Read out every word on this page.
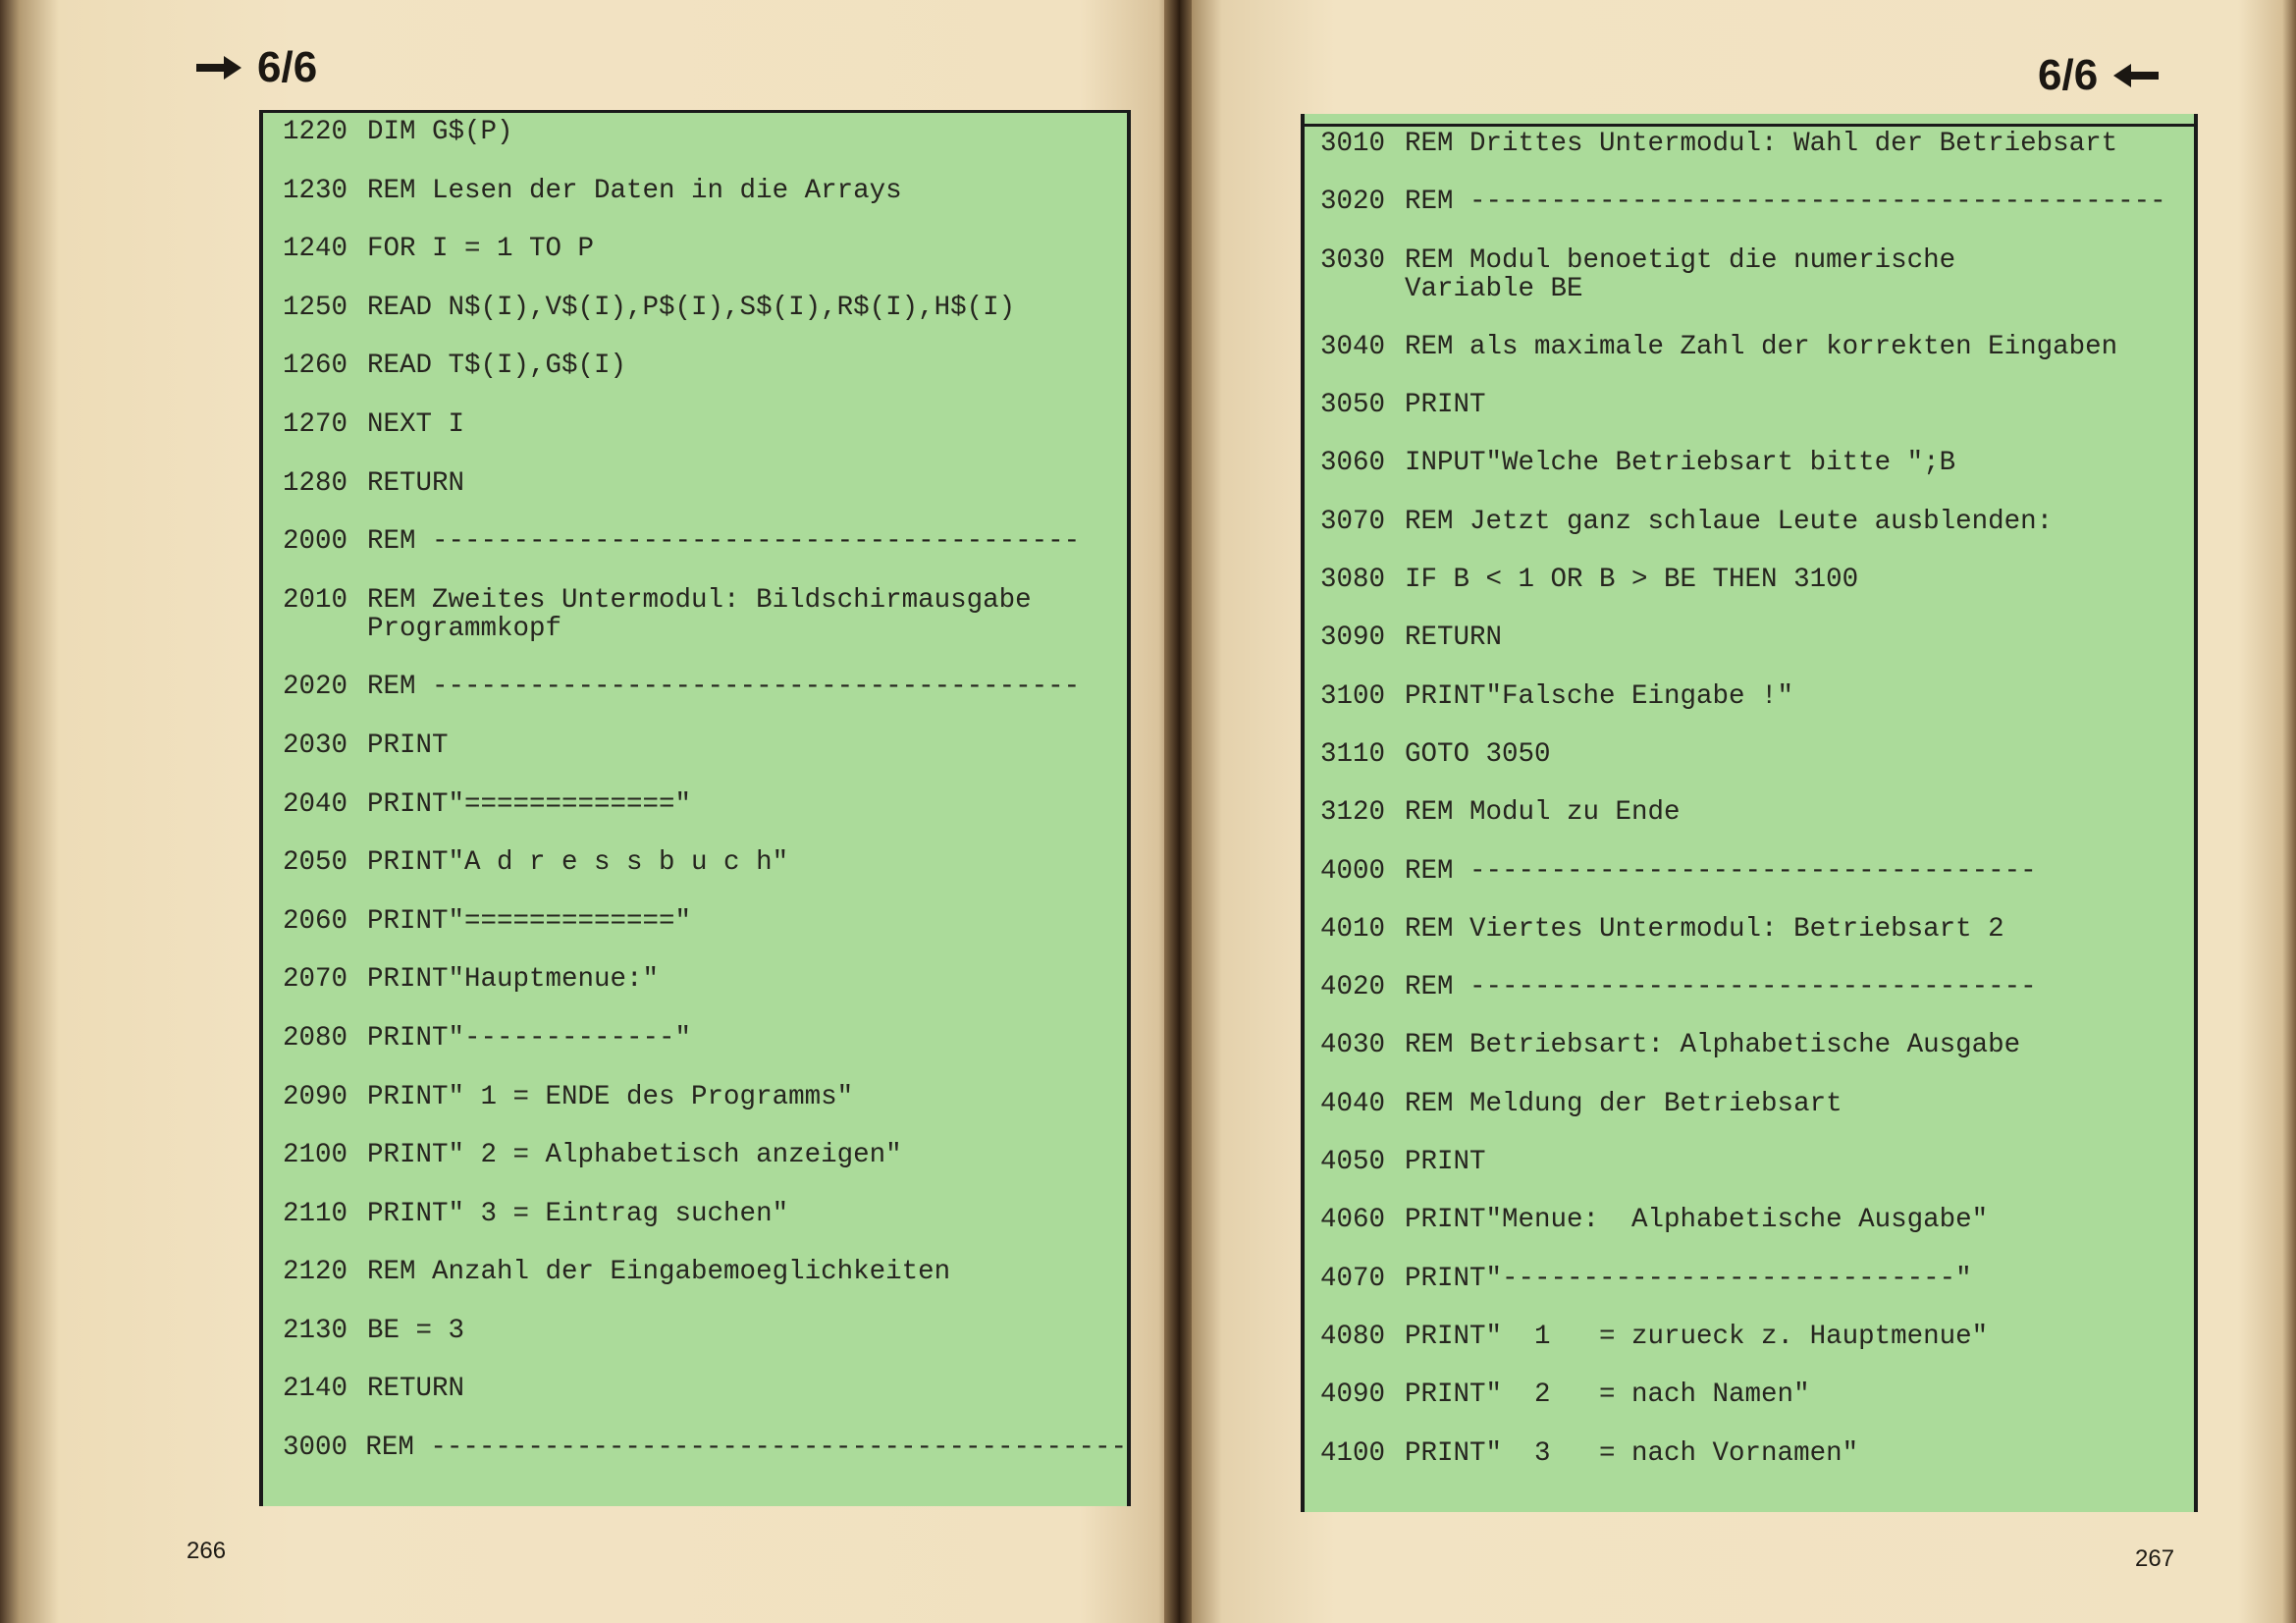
6/6	6/6
1220 DIM G$(P)
1230 REM Lesen der Daten in die Arrays
1240 FOR I = 1 TO P
1250 READ N$(I),V$(I),P$(I),S$(I),R$(I),H$(I)
1260 READ T$(I),G$(I)
1270 NEXT I
1280 RETURN
2000 REM ----------------------------------------
2010 REM Zweites Untermodul: Bildschirmausgabe
Programmkopf
2020 REM ----------------------------------------
2030 PRINT
2040 PRINT"============="
2050 PRINT"A d r e s s b u c h"
2060 PRINT"============="
2070 PRINT"Hauptmenue:"
2080 PRINT"-------------"
2090 PRINT" 1 = ENDE des Programms"
2100 PRINT" 2 = Alphabetisch anzeigen"
2110 PRINT" 3 = Eintrag suchen"
2120 REM Anzahl der Eingabemoeglichkeiten
2130 BE = 3
2140 RETURN
3000 REM -------------------------------------------
3010 REM Drittes Untermodul: Wahl der Betriebsart
3020 REM -------------------------------------------
3030 REM Modul benoetigt die numerische
Variable BE
3040 REM als maximale Zahl der korrekten Eingaben
3050 PRINT
3060 INPUT"Welche Betriebsart bitte ";B
3070 REM Jetzt ganz schlaue Leute ausblenden:
3080 IF B < 1 OR B > BE THEN 3100
3090 RETURN
3100 PRINT"Falsche Eingabe !"
3110 GOTO 3050
3120 REM Modul zu Ende
4000 REM -----------------------------------
4010 REM Viertes Untermodul: Betriebsart 2
4020 REM -----------------------------------
4030 REM Betriebsart: Alphabetische Ausgabe
4040 REM Meldung der Betriebsart
4050 PRINT
4060 PRINT"Menue:  Alphabetische Ausgabe"
4070 PRINT"----------------------------"
4080 PRINT"  1   = zurueck z. Hauptmenue"
4090 PRINT"  2   = nach Namen"
4100 PRINT"  3   = nach Vornamen"
266	267
